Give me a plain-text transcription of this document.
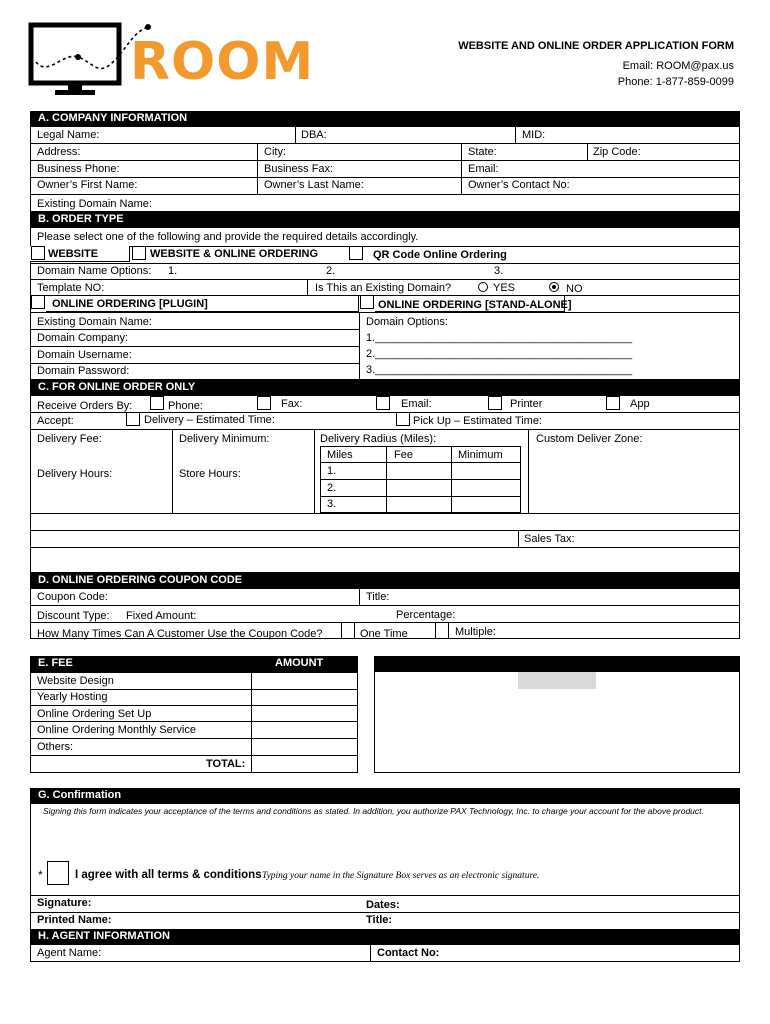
ROOM	WEBSITE AND ONLINE ORDER APPLICATION FORM
Email: ROOM@pax.us
Phone: 1-877-859-0099
A. COMPANY INFORMATION
Legal Name:	DBA:	MID:
Address:	City:	State:	Zip Code:
Business Phone:	Business Fax:	Email:
Owner’s First Name:	Owner’s Last Name:	Owner’s Contact No:
Existing Domain Name:
B. ORDER TYPE
Please select one of the following and provide the required details accordingly.
WEBSITE	WEBSITE & ONLINE ORDERING	QR Code Online Ordering
Domain Name Options: 1.	2.	3.
Template NO:	Is This an Existing Domain?	YES	NO
ONLINE ORDERING [PLUGIN]	ONLINE ORDERING [STAND-ALONE]
Existing Domain Name:
Domain Company:
Domain Username:
Domain Password:
Domain Options:
1.__________________________________________
2.__________________________________________
3.__________________________________________
C. FOR ONLINE ORDER ONLY
Receive Orders By:	Phone:	Fax:	Email:	Printer	App
Accept:	Delivery – Estimated Time:	Pick Up – Estimated Time:
Delivery Fee:	Delivery Minimum:	Delivery Radius (Miles):	Custom Deliver Zone:
Miles	Fee	Minimum
1.
2.
3.
Delivery Hours:	Store Hours:
Sales Tax:
D. ONLINE ORDERING COUPON CODE
Coupon Code:	Title:
Discount Type: Fixed Amount:	Percentage:
How Many Times Can A Customer Use the Coupon Code?	One Time	Multiple:
E. FEE	AMOUNT
Website Design
Yearly Hosting
Online Ordering Set Up
Online Ordering Monthly Service
Others:
TOTAL:
G. Confirmation
Signing this form indicates your acceptance of the terms and conditions as stated. In addition, you authorize PAX Technology, Inc. to charge your account for the above product.
*	I agree with all terms & conditions Typing your name in the Signature Box serves as an electronic signature.
Signature:	Dates:
Printed Name:	Title:
H. AGENT INFORMATION
Agent Name:	Contact No:
